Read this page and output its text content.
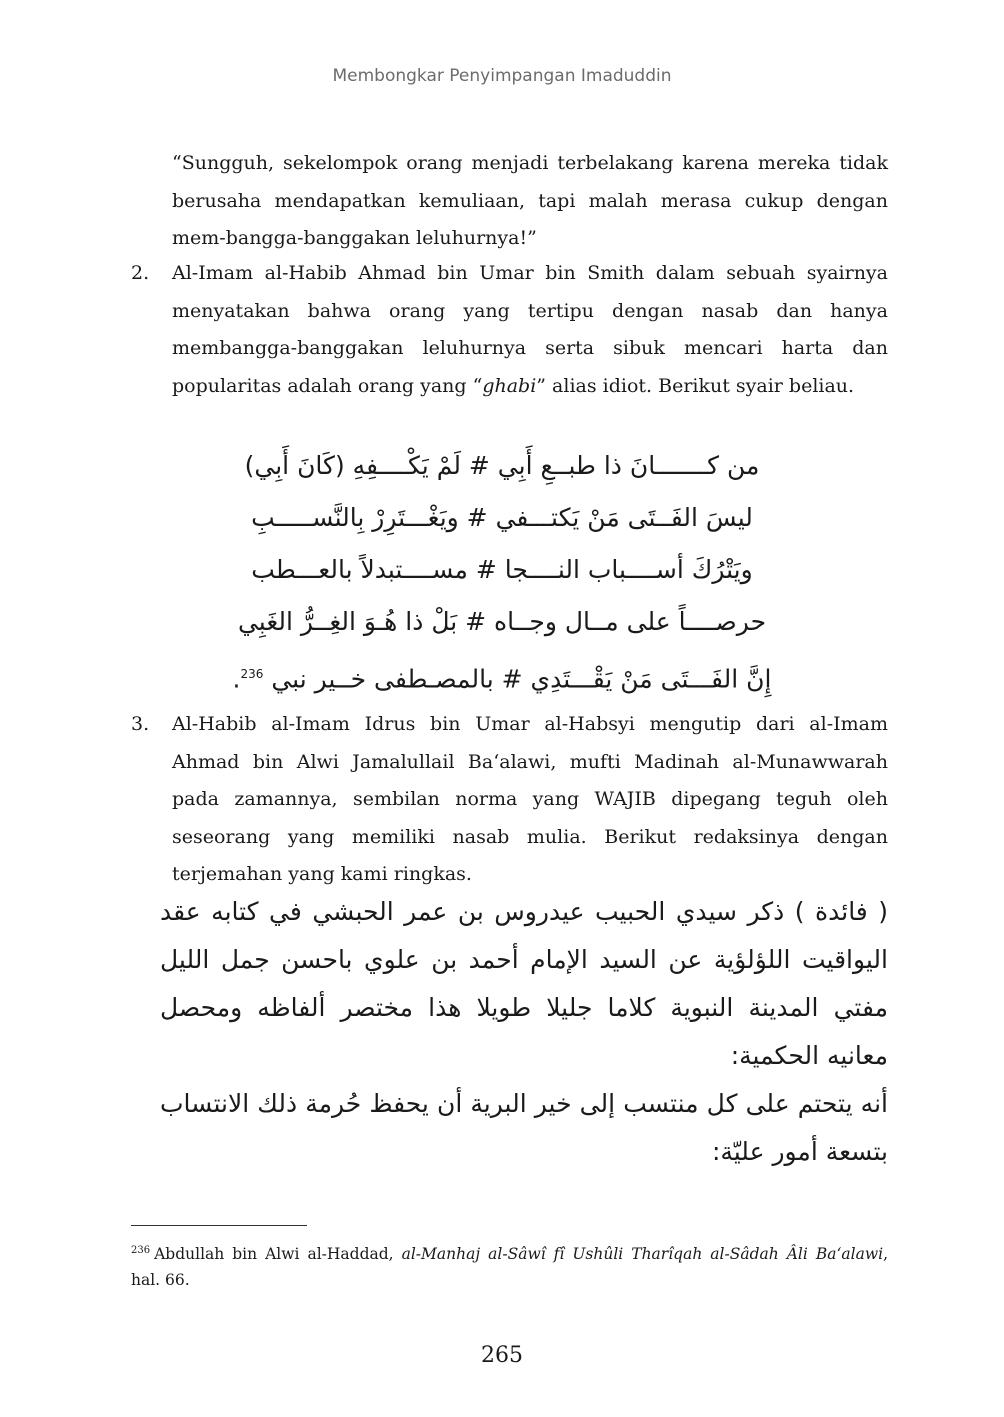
Membongkar Penyimpangan Imaduddin
“Sungguh, sekelompok orang menjadi terbelakang karena mereka tidak berusaha mendapatkan kemuliaan, tapi malah merasa cukup dengan mem-bangga-banggakan leluhurnya!”
2. Al-Imam al-Habib Ahmad bin Umar bin Smith dalam sebuah syairnya menyatakan bahwa orang yang tertipu dengan nasab dan hanya membangga-banggakan leluhurnya serta sibuk mencari harta dan popularitas adalah orang yang “ghabi” alias idiot. Berikut syair beliau.
من كـــــــانَ ذا طبــعِ أَبِي # لَمْ يَكْــــفِهِ (كَانَ أَبِي)
ليسَ الفَــتَى مَنْ يَكتـــفي # ويَغْـــتَرِرْ بِالنَّســـــبِ
ويَتْرُكَ أســــباب النــــجا # مســــتبدلاً بالعـــطب
حرصــــاً على مــال وجــاه # بَلْ ذا هُـوَ الغِــرُّ الغَبِي
إِنَّ الفَـــتَى مَنْ يَقْـــتَدِي # بالمصـطفى خــير نبي $^{236}$.
3. Al-Habib al-Imam Idrus bin Umar al-Habsyi mengutip dari al-Imam Ahmad bin Alwi Jamalullail Ba‘alawi, mufti Madinah al-Munawwarah pada zamannya, sembilan norma yang WAJIB dipegang teguh oleh seseorang yang memiliki nasab mulia. Berikut redaksinya dengan terjemahan yang kami ringkas.

( فائدة ) ذكر سيدي الحبيب عيدروس بن عمر الحبشي في كتابه عقد اليواقيت اللؤلؤية عن السيد الإمام أحمد بن علوي باحسن جمل الليل مفتي المدينة النبوية كلاما جليلا طويلا هذا مختصر ألفاظه ومحصل معانيه الحكمية:

أنه يتحتم على كل منتسب إلى خير البرية أن يحفظ حُرمة ذلك الانتساب بتسعة أمور عليّة:

$^{236}$ Abdullah bin Alwi al-Haddad, al-Manhaj al-Sâwî fî Ushûli Tharîqah al-Sâdah Âli Ba‘alawi, hal. 66.
265
